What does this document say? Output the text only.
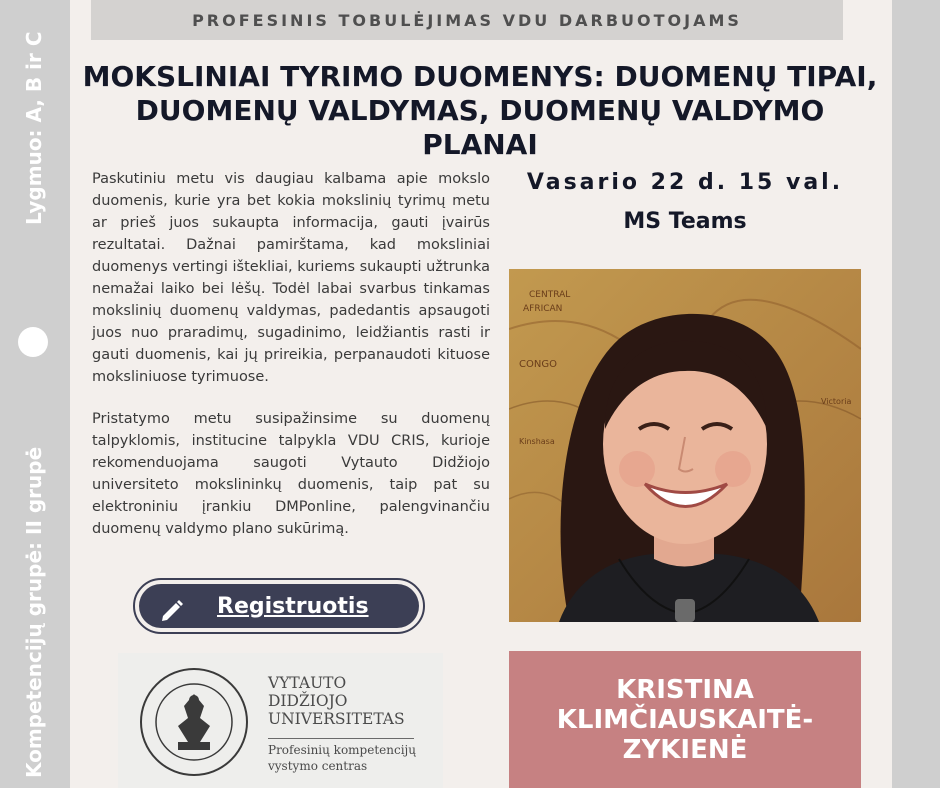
Lygmuo: A, B ir C
Kompetencijų grupė: II grupė
PROFESINIS TOBULĖJIMAS VDU DARBUOTOJAMS
MOKSLINIAI TYRIMO DUOMENYS: DUOMENŲ TIPAI,
DUOMENŲ VALDYMAS, DUOMENŲ VALDYMO PLANAI

Paskutiniu metu vis daugiau kalbama apie mokslo duomenis, kurie yra bet kokia mokslinių tyrimų metu ar prieš juos sukaupta informacija, gauti įvairūs rezultatai. Dažnai pamirštama, kad moksliniai duomenys vertingi ištekliai, kuriems sukaupti užtrunka nemažai laiko bei lėšų. Todėl labai svarbus tinkamas mokslinių duomenų valdymas, padedantis apsaugoti juos nuo praradimų, sugadinimo, leidžiantis rasti ir gauti duomenis, kai jų prireikia, perpanaudoti kituose moksliniuose tyrimuose.

Pristatymo metu susipažinsime su duomenų talpyklomis, institucine talpykla VDU CRIS, kurioje rekomenduojama saugoti Vytauto Didžiojo universiteto mokslininkų duomenis, taip pat su elektroniniu įrankiu DMPonline, palengvinančiu duomenų valdymo plano sukūrimą.

Vasario 22 d. 15 val.
MS Teams
CENTRAL
AFRICAN
CONGO
Kinshasa
Victoria
Registruotis
VYTAUTO
DIDŽIOJO
UNIVERSITETAS
Profesinių kompetencijų
vystymo centras
KRISTINA
KLIMČIAUSKAITĖ-
ZYKIENĖ
